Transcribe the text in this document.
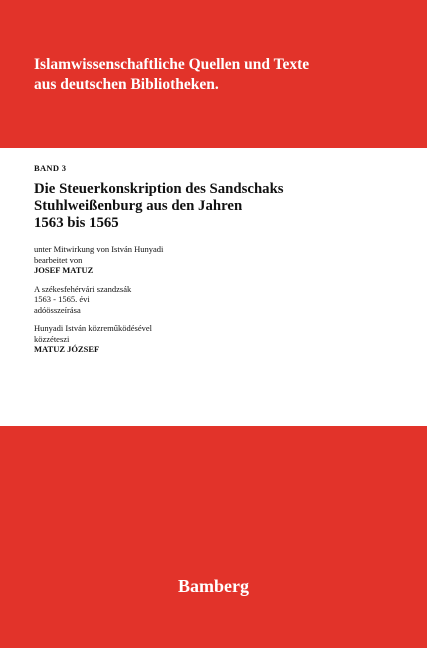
Islamwissenschaftliche Quellen und Texte
aus deutschen Bibliotheken.

BAND 3

Die Steuerkonskription des Sandschaks
Stuhlweißenburg aus den Jahren
1563 bis 1565
unter Mitwirkung von István Hunyadi
bearbeitet von
JOSEF MATUZ
A székesfehérvári szandzsák
1563 - 1565. évi
adóösszeírása
Hunyadi István közreműködésével
közzéteszi
MATUZ JÓZSEF
Bamberg
